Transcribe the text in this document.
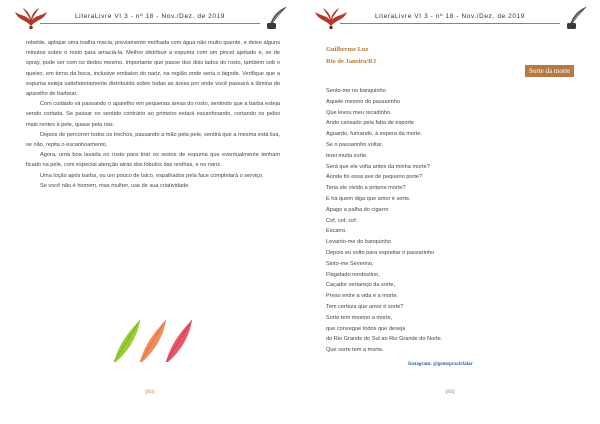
LiteraLivre VI 3 - nº 18 - Nov./Dez. de 2019

rebelde, aplique uma toalha macia, previamente molhada com água não muito quente, e deixe alguns minutos sobre o rosto para amaciá-la. Melhor distribuir a espuma com um pincel ajeitado e, se de spray, pode ser com os dedos mesmo. Importante que passe dos dois lados do rosto, também sob o queixo, em torno da boca, inclusive embaixo do nariz, na região onde seria o bigode. Verifique que a espuma esteja satisfatoriamente distribuída sobre todas as áreas por onde você passará a lâmina do aparelho de barbear.

Com cuidado vá passando o aparelho em pequenas áreas do rosto, sentindo que a barba esteja sendo cortada. Se passar no sentido contrário ao primeiro estará escanhoando, cortando os pelos mais rentes à pele, quase pela raiz.

Depois de percorrer todos os trechos, passando a mão pela pele, sentirá que a mesma está lisa, se não, repita o escanhoamento.

Agora, uma boa lavada no rosto para tirar os restos de espuma que eventualmente tenham ficado na pele, com especial atenção atrás dos lóbulos das orelhas, e no nariz.

Uma loção após barba, ou um pouco de talco, espalhados pela face completará o serviço.

Se você não é homem, mas mulher, use de sua criatividade.

[83]
LiteraLivre VI 3 - nº 18 - Nov./Dez. de 2019
Guilherme Luz
Rio de Janeiro/RJ
Sorte da morte
Sento-me no banquinho
Aquele mesmo do passarinho
Que levou meu recadinho.
Ando cansado pela falta de esporte
Aguardo, fumando, à espera da morte.
Se o passarinho voltar,
terei muita sorte.
Será que ele volta antes da minha morte?
Aonde foi essa ave de pequeno porte?
Teria ele vivido a própria morte?
E há quem diga que amor é sorte.
Apago a palha do cigarro
Cof, cof, cof.
Escarro.
Levanto-me do banquinho
Depois eu volto para espreitar o passarinho
Sinto-me Severino,
Flagelado nordestino,
Caçador sertanejo da sorte,
Preso entre a vida e a morte.
Tem certeza que amor é sorte?
Sorte tem mesmo a morte,
que consegue todos que deseja
do Rio Grande do Sul ao Rio Grande do Norte.
Que sorte tem a morte.
Instagram: @gentepraclrfalar
[84]
